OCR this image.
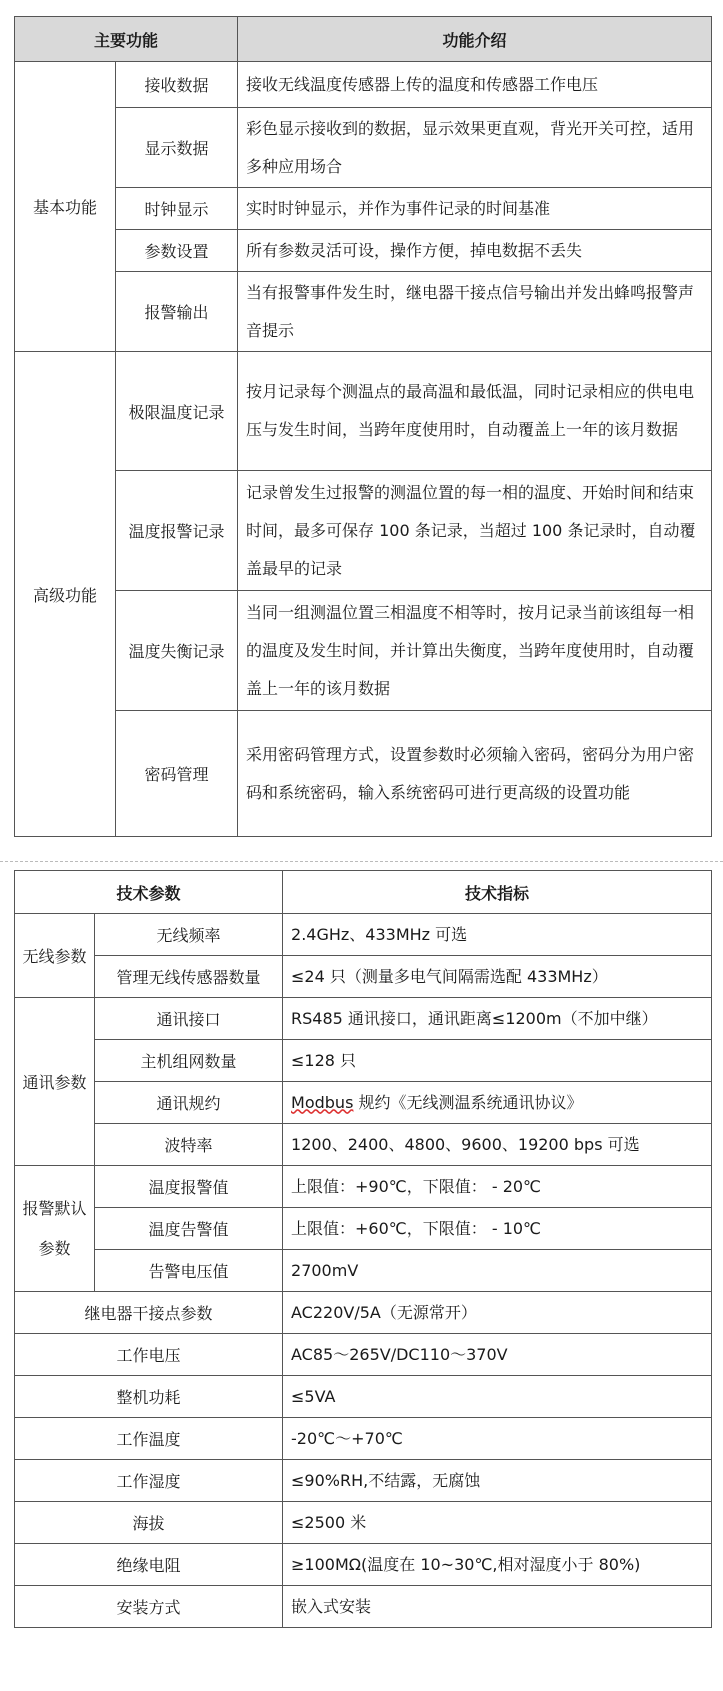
主要功能		功能介绍
基本功能	接收数据	接收无线温度传感器上传的温度和传感器工作电压
	显示数据	彩色显示接收到的数据，显示效果更直观，背光开关可控，适用多种应用场合
	时钟显示	实时时钟显示，并作为事件记录的时间基准
	参数设置	所有参数灵活可设，操作方便，掉电数据不丢失
	报警输出	当有报警事件发生时，继电器干接点信号输出并发出蜂鸣报警声音提示
高级功能	极限温度记录	按月记录每个测温点的最高温和最低温，同时记录相应的供电电压与发生时间，当跨年度使用时，自动覆盖上一年的该月数据
	温度报警记录	记录曾发生过报警的测温位置的每一相的温度、开始时间和结束时间，最多可保存 100 条记录，当超过 100 条记录时，自动覆盖最早的记录
	温度失衡记录	当同一组测温位置三相温度不相等时，按月记录当前该组每一相的温度及发生时间，并计算出失衡度，当跨年度使用时，自动覆盖上一年的该月数据
	密码管理	采用密码管理方式，设置参数时必须输入密码，密码分为用户密码和系统密码，输入系统密码可进行更高级的设置功能
技术参数		技术指标
无线参数	无线频率	2.4GHz、433MHz 可选
	管理无线传感器数量	≤24 只（测量多电气间隔需选配 433MHz）
通讯参数	通讯接口	RS485 通讯接口，通讯距离≤1200m（不加中继）
	主机组网数量	≤128 只
	通讯规约	Modbus 规约《无线测温系统通讯协议》
	波特率	1200、2400、4800、9600、19200 bps 可选
报警默认参数	温度报警值	上限值：+90℃，下限值： - 20℃
	温度告警值	上限值：+60℃，下限值： - 10℃
	告警电压值	2700mV
继电器干接点参数		AC220V/5A（无源常开）
工作电压		AC85～265V/DC110～370V
整机功耗		≤5VA
工作温度		-20℃～+70℃
工作湿度		≤90%RH,不结露，无腐蚀
海拔		≤2500 米
绝缘电阻		≥100MΩ(温度在 10~30℃,相对湿度小于 80%)
安装方式		嵌入式安装
